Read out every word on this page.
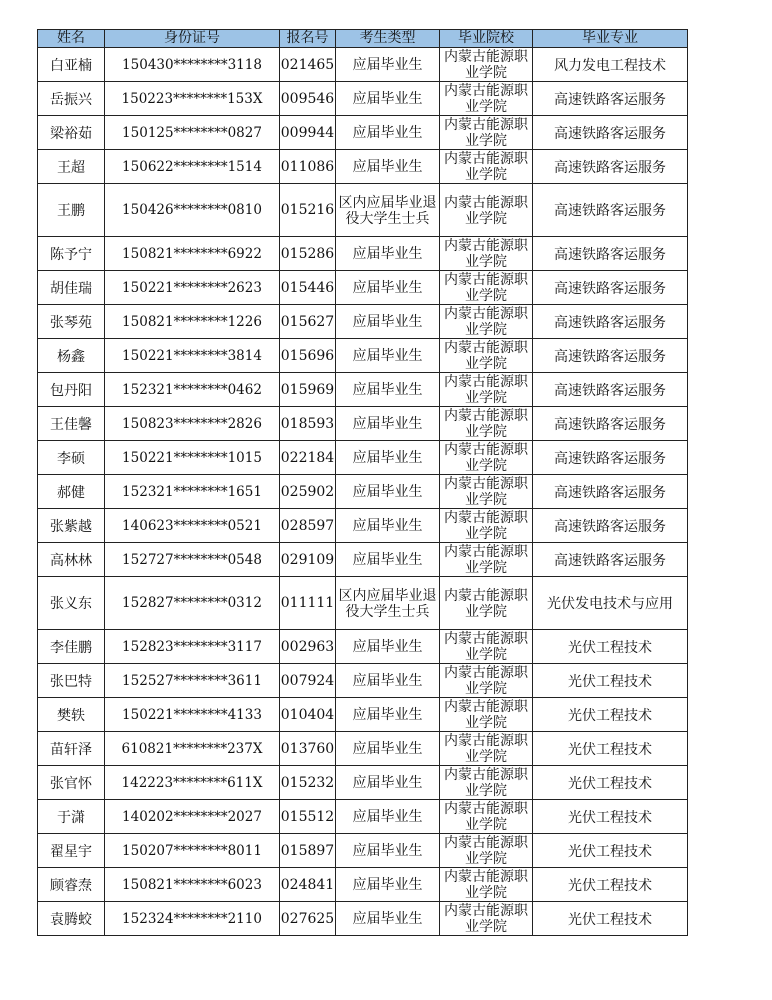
姓名	身份证号	报名号	考生类型	毕业院校	毕业专业
白亚楠	150430********3118	021465	应届毕业生	内蒙古能源职业学院	风力发电工程技术
岳振兴	150223********153X	009546	应届毕业生	内蒙古能源职业学院	高速铁路客运服务
梁裕茹	150125********0827	009944	应届毕业生	内蒙古能源职业学院	高速铁路客运服务
王超	150622********1514	011086	应届毕业生	内蒙古能源职业学院	高速铁路客运服务
王鹏	150426********0810	015216	区内应届毕业退役大学生士兵	内蒙古能源职业学院	高速铁路客运服务
陈予宁	150821********6922	015286	应届毕业生	内蒙古能源职业学院	高速铁路客运服务
胡佳瑞	150221********2623	015446	应届毕业生	内蒙古能源职业学院	高速铁路客运服务
张琴苑	150821********1226	015627	应届毕业生	内蒙古能源职业学院	高速铁路客运服务
杨鑫	150221********3814	015696	应届毕业生	内蒙古能源职业学院	高速铁路客运服务
包丹阳	152321********0462	015969	应届毕业生	内蒙古能源职业学院	高速铁路客运服务
王佳馨	150823********2826	018593	应届毕业生	内蒙古能源职业学院	高速铁路客运服务
李硕	150221********1015	022184	应届毕业生	内蒙古能源职业学院	高速铁路客运服务
郝健	152321********1651	025902	应届毕业生	内蒙古能源职业学院	高速铁路客运服务
张紫越	140623********0521	028597	应届毕业生	内蒙古能源职业学院	高速铁路客运服务
高林林	152727********0548	029109	应届毕业生	内蒙古能源职业学院	高速铁路客运服务
张义东	152827********0312	011111	区内应届毕业退役大学生士兵	内蒙古能源职业学院	光伏发电技术与应用
李佳鹏	152823********3117	002963	应届毕业生	内蒙古能源职业学院	光伏工程技术
张巴特	152527********3611	007924	应届毕业生	内蒙古能源职业学院	光伏工程技术
樊轶	150221********4133	010404	应届毕业生	内蒙古能源职业学院	光伏工程技术
苗轩泽	610821********237X	013760	应届毕业生	内蒙古能源职业学院	光伏工程技术
张官怀	142223********611X	015232	应届毕业生	内蒙古能源职业学院	光伏工程技术
于潇	140202********2027	015512	应届毕业生	内蒙古能源职业学院	光伏工程技术
翟星宇	150207********8011	015897	应届毕业生	内蒙古能源职业学院	光伏工程技术
顾睿焘	150821********6023	024841	应届毕业生	内蒙古能源职业学院	光伏工程技术
袁腾蛟	152324********2110	027625	应届毕业生	内蒙古能源职业学院	光伏工程技术
